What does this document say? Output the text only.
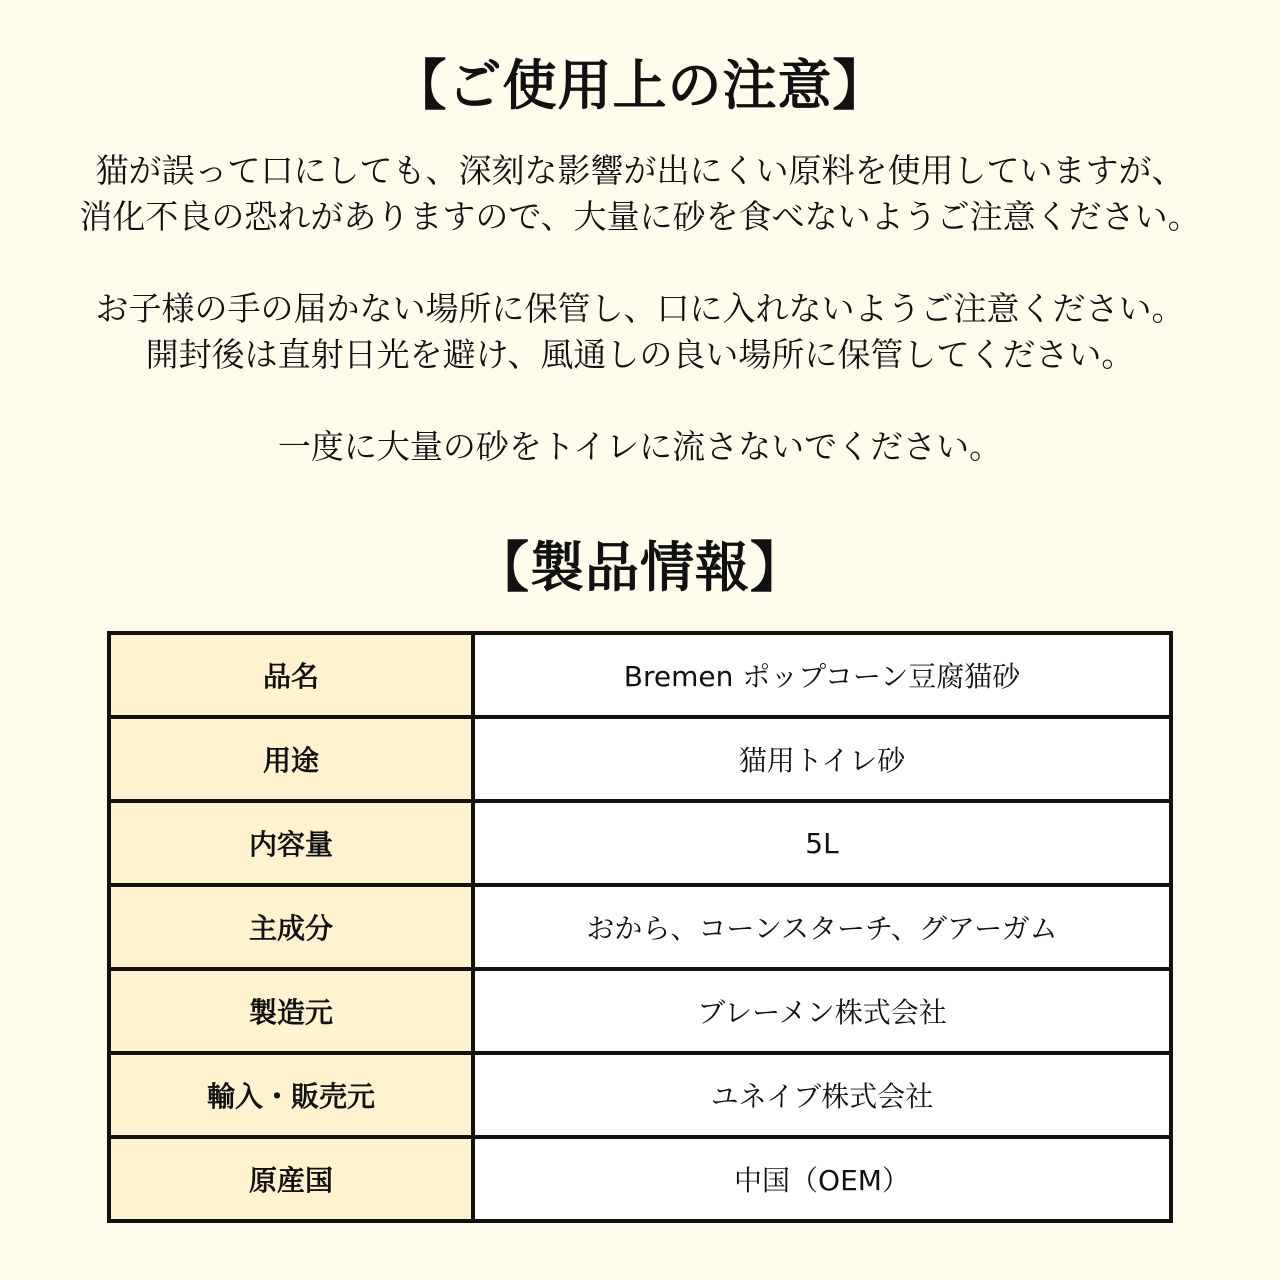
【ご使用上の注意】

猫が誤って口にしても、深刻な影響が出にくい原料を使用していますが、
消化不良の恐れがありますので、大量に砂を食べないようご注意ください。

お子様の手の届かない場所に保管し、口に入れないようご注意ください。
開封後は直射日光を避け、風通しの良い場所に保管してください。

一度に大量の砂をトイレに流さないでください。

【製品情報】
品名	Bremen ポップコーン豆腐猫砂
用途	猫用トイレ砂
内容量	5L
主成分	おから、コーンスターチ、グアーガム
製造元	ブレーメン株式会社
輸入・販売元	ユネイブ株式会社
原産国	中国（OEM）
